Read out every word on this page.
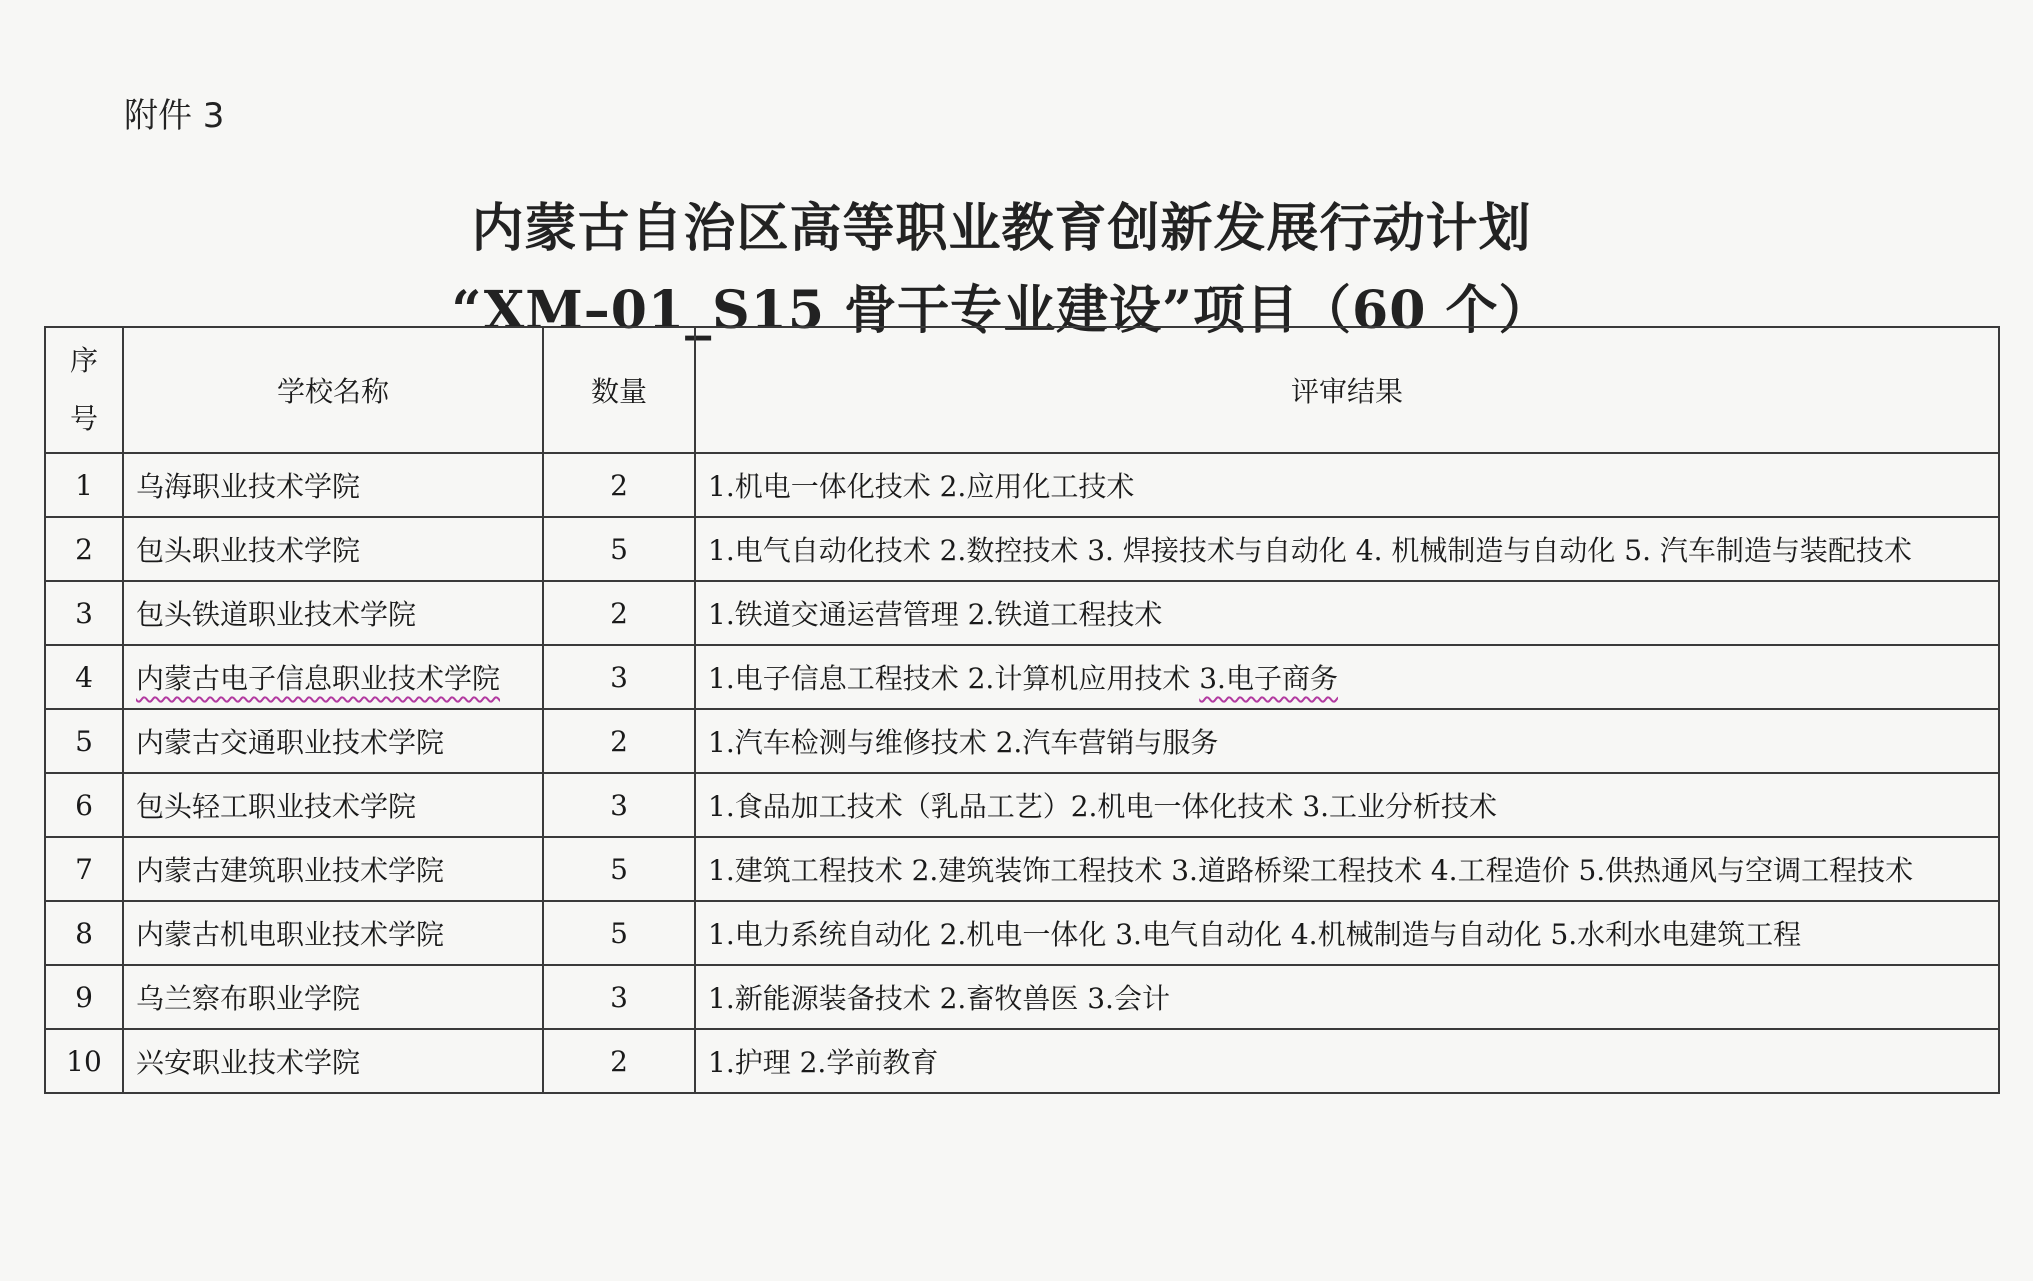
附件 3
内蒙古自治区高等职业教育创新发展行动计划
“XM–01_S15 骨干专业建设”项目（60 个）
序
号	学校名称	数量	评审结果
1	乌海职业技术学院	2	1.机电一体化技术 2.应用化工技术
2	包头职业技术学院	5	1.电气自动化技术 2.数控技术 3. 焊接技术与自动化 4. 机械制造与自动化 5. 汽车制造与装配技术
3	包头铁道职业技术学院	2	1.铁道交通运营管理 2.铁道工程技术
4	内蒙古电子信息职业技术学院	3	1.电子信息工程技术 2.计算机应用技术 3.电子商务
5	内蒙古交通职业技术学院	2	1.汽车检测与维修技术 2.汽车营销与服务
6	包头轻工职业技术学院	3	1.食品加工技术（乳品工艺）2.机电一体化技术 3.工业分析技术
7	内蒙古建筑职业技术学院	5	1.建筑工程技术 2.建筑装饰工程技术 3.道路桥梁工程技术 4.工程造价 5.供热通风与空调工程技术
8	内蒙古机电职业技术学院	5	1.电力系统自动化 2.机电一体化 3.电气自动化 4.机械制造与自动化 5.水利水电建筑工程
9	乌兰察布职业学院	3	1.新能源装备技术 2.畜牧兽医 3.会计
10	兴安职业技术学院	2	1.护理 2.学前教育
